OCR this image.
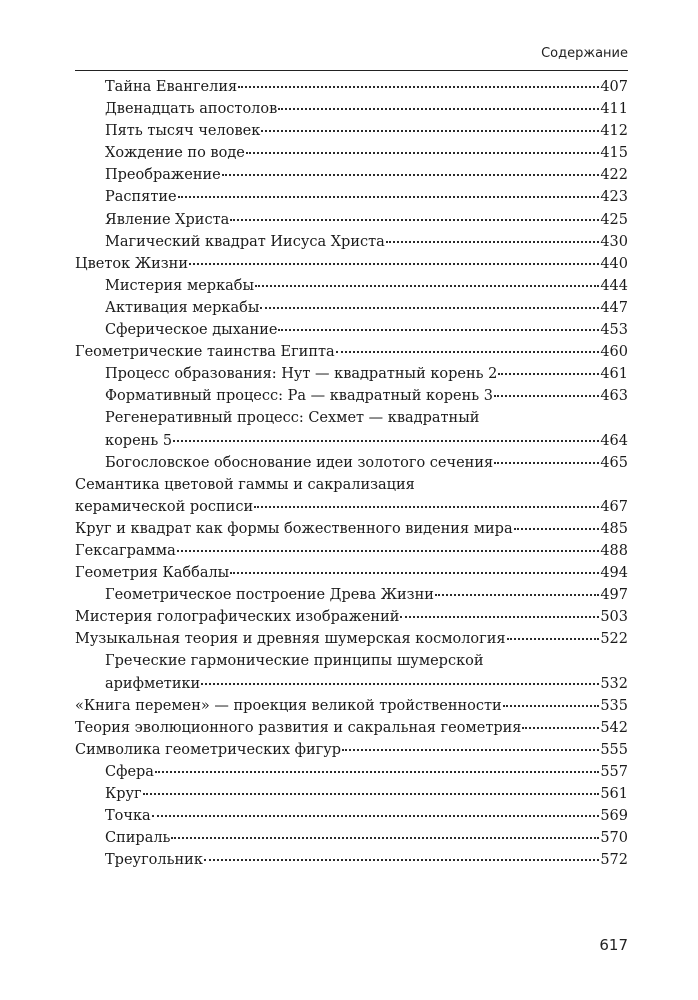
Содержание
Тайна Евангелия	407
Двенадцать апостолов	411
Пять тысяч человек	412
Хождение по воде	415
Преображение	422
Распятие	423
Явление Христа	425
Магический квадрат Иисуса Христа	430
Цветок Жизни	440
Мистерия меркабы	444
Активация меркабы	447
Сферическое дыхание	453
Геометрические таинства Египта	460
Процесс образования: Нут — квадратный корень 2	461
Формативный процесс: Ра — квадратный корень 3	463
Регенеративный процесс: Сехмет — квадратный
корень 5	464
Богословское обоснование идеи золотого сечения	465
Семантика цветовой гаммы и сакрализация
керамической росписи	467
Круг и квадрат как формы божественного видения мира	485
Гексаграмма	488
Геометрия Каббалы	494
Геометрическое построение Древа Жизни	497
Мистерия голографических изображений	503
Музыкальная теория и древняя шумерская космология	522
Греческие гармонические принципы шумерской
арифметики	532
«Книга перемен» — проекция великой тройственности	535
Теория эволюционного развития и сакральная геометрия	542
Символика геометрических фигур	555
Сфера	557
Круг	561
Точка	569
Спираль	570
Треугольник	572
617
